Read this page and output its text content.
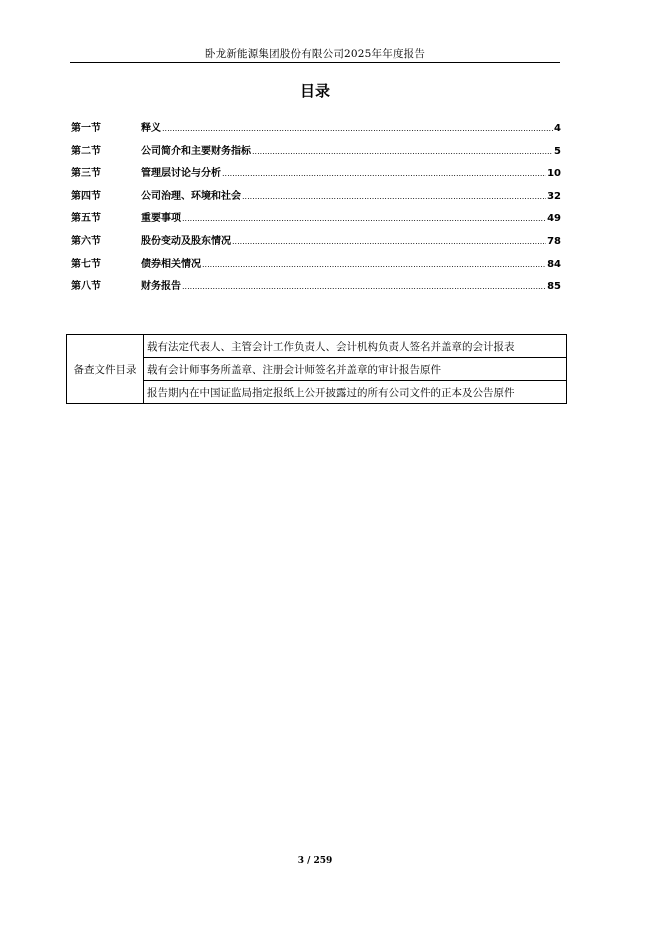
卧龙新能源集团股份有限公司2025年年度报告
目录
第一节	释义 .....	4
第二节	公司简介和主要财务指标 .....	5
第三节	管理层讨论与分析 .....	10
第四节	公司治理、环境和社会 .....	32
第五节	重要事项 .....	49
第六节	股份变动及股东情况 .....	78
第七节	债券相关情况 .....	84
第八节	财务报告 .....	85
备查文件目录	载有法定代表人、主管会计工作负责人、会计机构负责人签名并盖章的会计报表
载有会计师事务所盖章、注册会计师签名并盖章的审计报告原件
报告期内在中国证监局指定报纸上公开披露过的所有公司文件的正本及公告原件
3 / 259
